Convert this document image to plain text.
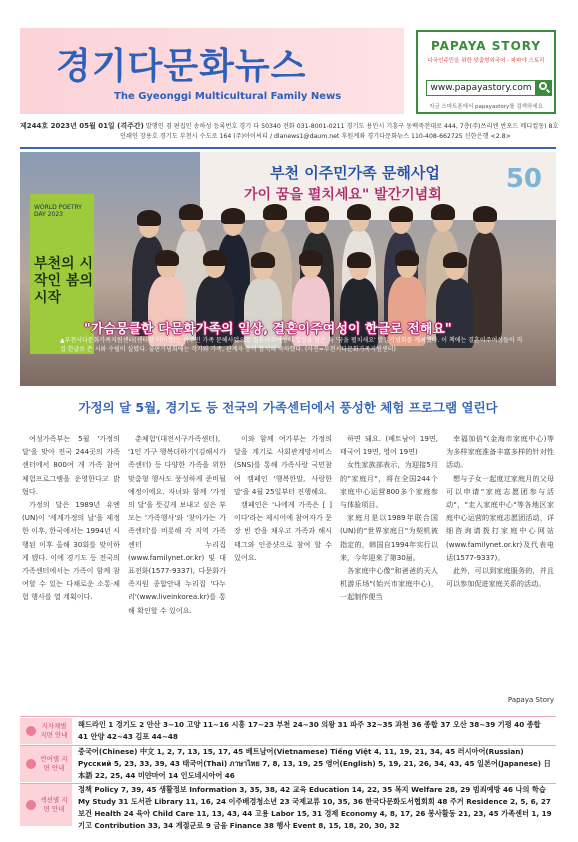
경기다문화뉴스
The Gyeonggi Multicultural Family News
PAPAYA STORY
다국인주민을 위한 맞춤형외국어 - 파파야 스토리
www.papayastory.com
지금 스마트폰에서 papayastory를 검색하세요
제244호 2023년 05월 01일 (격주간) 발행인 겸 편집인 송하성 등록번호 경기 다 50340 전화 031-8001-0211 경기도 용인시 기흥구 동백죽전대로 444, 7층(주)쓰리엔 반포드 메디컬동) 8호
인쇄인 장용호 경기도 부천시 수도로 164 (주)아이씨티 / dlanews1@daum.net 후원계좌 경기다문화뉴스 110-408-662725 신한은행 <2.8>
부천 이주민가족 문해사업
가이 꿈을 펼치세요" 발간기념회
50
WORLD POETRY DAY 2023
부천의 시작인 봄의 시작
"가슴뭉클한 다문화가족의 일상, 결혼이주여성이 한글로 전해요"
▲부천시다문화가족지원센터(센터장 이미정)는 이주민 가족 문해사업으로 결혼이주여성의 일상을 담은 책 '꿈을 펼치세요' 발간기념회를 개최했다. 이 책에는 결혼이주여성들이 직접 한글로 쓴 시와 수필이 실렸다. 출판기념회에는 작가와 가족, 관계자 등이 참석해 축하했다. (사진=부천시다문화가족지원센터)
가정의 달 5월, 경기도 등 전국의 가족센터에서 풍성한 체험 프로그램 열린다

여성가족부는 5월 '가정의 달'을 맞아 전국 244곳의 가족센터에서 800여 개 가족 참여 체험프로그램을 운영한다고 밝혔다.

가정의 달은 1989년 유엔(UN)이 '세계가정의 날'을 제정한 이후, 한국에서는 1994년 시행된 이후 올해 30회를 맞이하게 됐다. 이에 경기도 등 전국의 가족센터에서는 가족이 함께 참여할 수 있는 다채로운 소통·체험 행사를 열 계획이다.

춘체험'(대전서구가족센터), '1인 가구 행복더하기'(김해시가족센터) 등 다양한 가족을 위한 맞춤형 행사도 풍성하게 준비될 예정이에요. 자녀와 함께 '가정의 달'을 뜻깊게 보내고 싶은 부모는 '가족행사'와 '찾아가는 가족센터'를 비롯해 각 지역 가족센터 누리집(www.familynet.or.kr) 및 대표전화(1577-9337), 다문화가족지원 종합안내 누리집 '다누리'(www.liveinkorea.kr)를 통해 확인할 수 있어요.

이와 함께 여가부는 가정의 달을 계기로 사회관계망서비스(SNS)를 통해 가족사랑 국민참여 캠페인 '행복한말, 사랑한말'을 4월 25일부터 진행해요.

캠페인은 '나에게 가족은 [ ]이다'라는 제시어에 참여자가 문장 빈 칸을 채우고 가족과 해시태그와 인증샷으로 참여 할 수 있어요.

하면 돼요. (베트남어 19면, 태국어 19면, 영어 19면)

女性家族部表示，为迎接5月的"家庭月"，将在全国244个家庭中心运营800多个家庭参与体验项目。

家庭月是以1989年联合国(UN)的"世界家庭日"为契机被指定的，韩国自1994年实行以来，今年迎来了第30届。

各家庭中心像"和爸爸的天人机游乐场"(始兴市家庭中心)，一起制作便当

幸福加倍"(金海市家庭中心)等为多样家庭准备丰富多样的针对性活动。

想与子女一起度过家庭月的父母可以申请"家庭志愿团参与活动"，"走入家庭中心"等各地区家庭中心运营的家庭志愿团活动，详细咨询请拨打家庭中心网站(www.familynet.or.kr)及代表电话(1577-9337)。

此外，可以到家庭服务的，并且可以参加促进家庭关系的活动。

Papaya Story
지자체별 지면 안내
해드라인 1 경기도 2 안산 3~10 고양 11~16 시흥 17~23 부천 24~30 의왕 31 파주 32~35 과천 36 종합 37 오산 38~39 기평 40 종합 41 안양 42~43 김포 44~48
언어별 지면 안내
중국어(Chinese) 中文 1, 2, 7, 13, 15, 17, 45 베트남어(Vietnamese) Tiếng Việt 4, 11, 19, 21, 34, 45 러시아어(Russian) Русский 5, 23, 33, 39, 43 태국어(Thai) ภาษาไทย 7, 8, 13, 19, 25 영어(English) 5, 19, 21, 26, 34, 43, 45 일본어(Japanese) 日本語 22, 25, 44 미얀마어 14 인도네시아어 46
섹션별 지면 안내
정책 Policy 7, 39, 45 생활정보 Information 3, 35, 38, 42 교육 Education 14, 22, 35 복지 Welfare 28, 29 범죄예방 46 나의 학습 My Study 31 도서관 Library 11, 16, 24 이주배경청소년 23 국제교류 10, 35, 36 한국다문화도서협회회 48 주거 Residence 2, 5, 6, 27 보건 Health 24 육아 Child Care 11, 13, 43, 44 고용 Labor 15, 31 경제 Economy 4, 8, 17, 26 봉사활동 21, 23, 45 가족센터 1, 19 기고 Contribution 33, 34 게절군로 9 금융 Finance 38 행사 Event 8, 15, 18, 20, 30, 32
